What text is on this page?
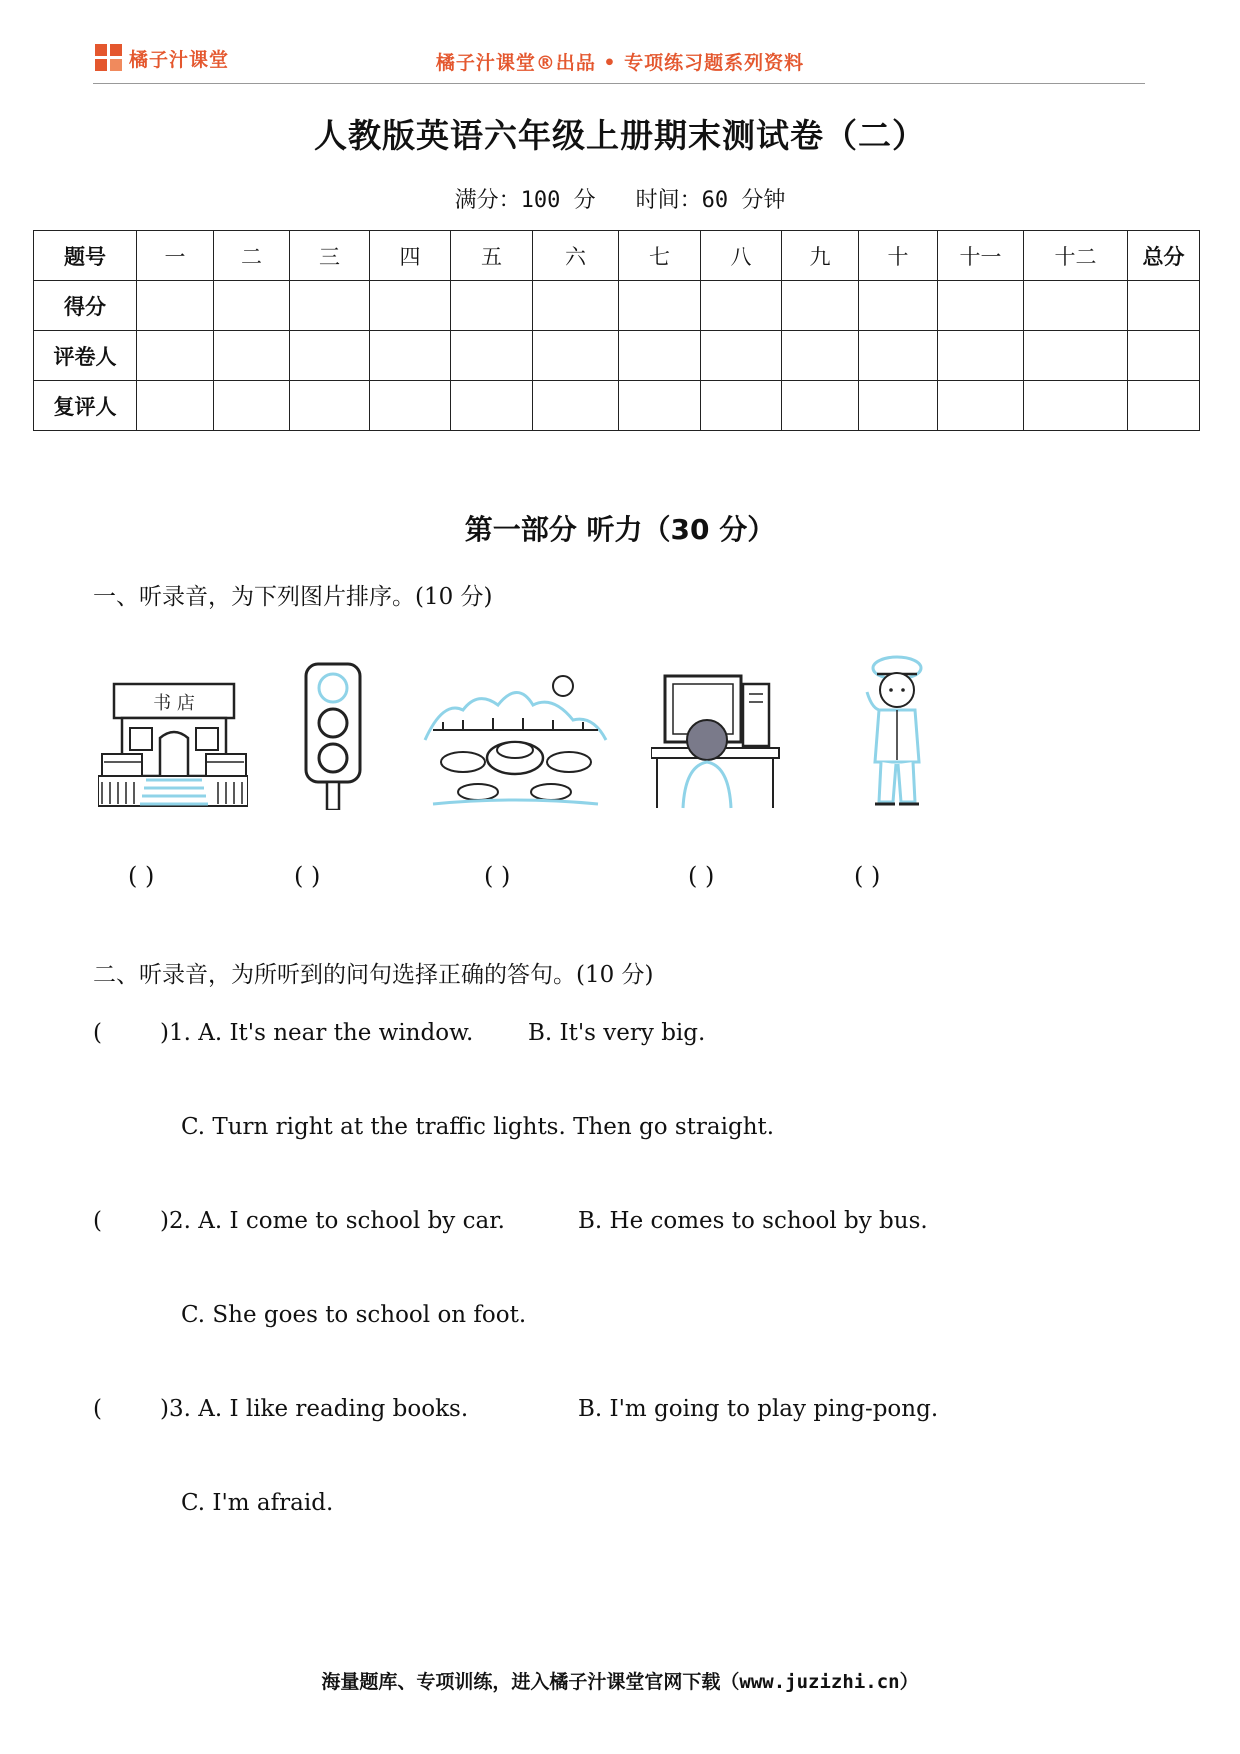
橘子汁课堂	橘子汁课堂®出品 • 专项练习题系列资料
人教版英语六年级上册期末测试卷（二）
满分：100 分 时间：60 分钟
题号	一	二	三	四	五	六	七	八	九	十	十一	十二	总分
得分													
评卷人													
复评人													
第一部分 听力（30 分）
一、听录音，为下列图片排序。(10 分)
书 店
( )	( )	( )	( )	( )
二、听录音，为所听到的问句选择正确的答句。(10 分)
(	)1. A. It's near the window. B. It's very big.
C. Turn right at the traffic lights. Then go straight.
(	)2. A. I come to school by car.	B. He comes to school by bus.
C. She goes to school on foot.
(	)3. A. I like reading books.	B. I'm going to play ping-pong.
C. I'm afraid.
海量题库、专项训练，进入橘子汁课堂官网下载（www.juzizhi.cn）
